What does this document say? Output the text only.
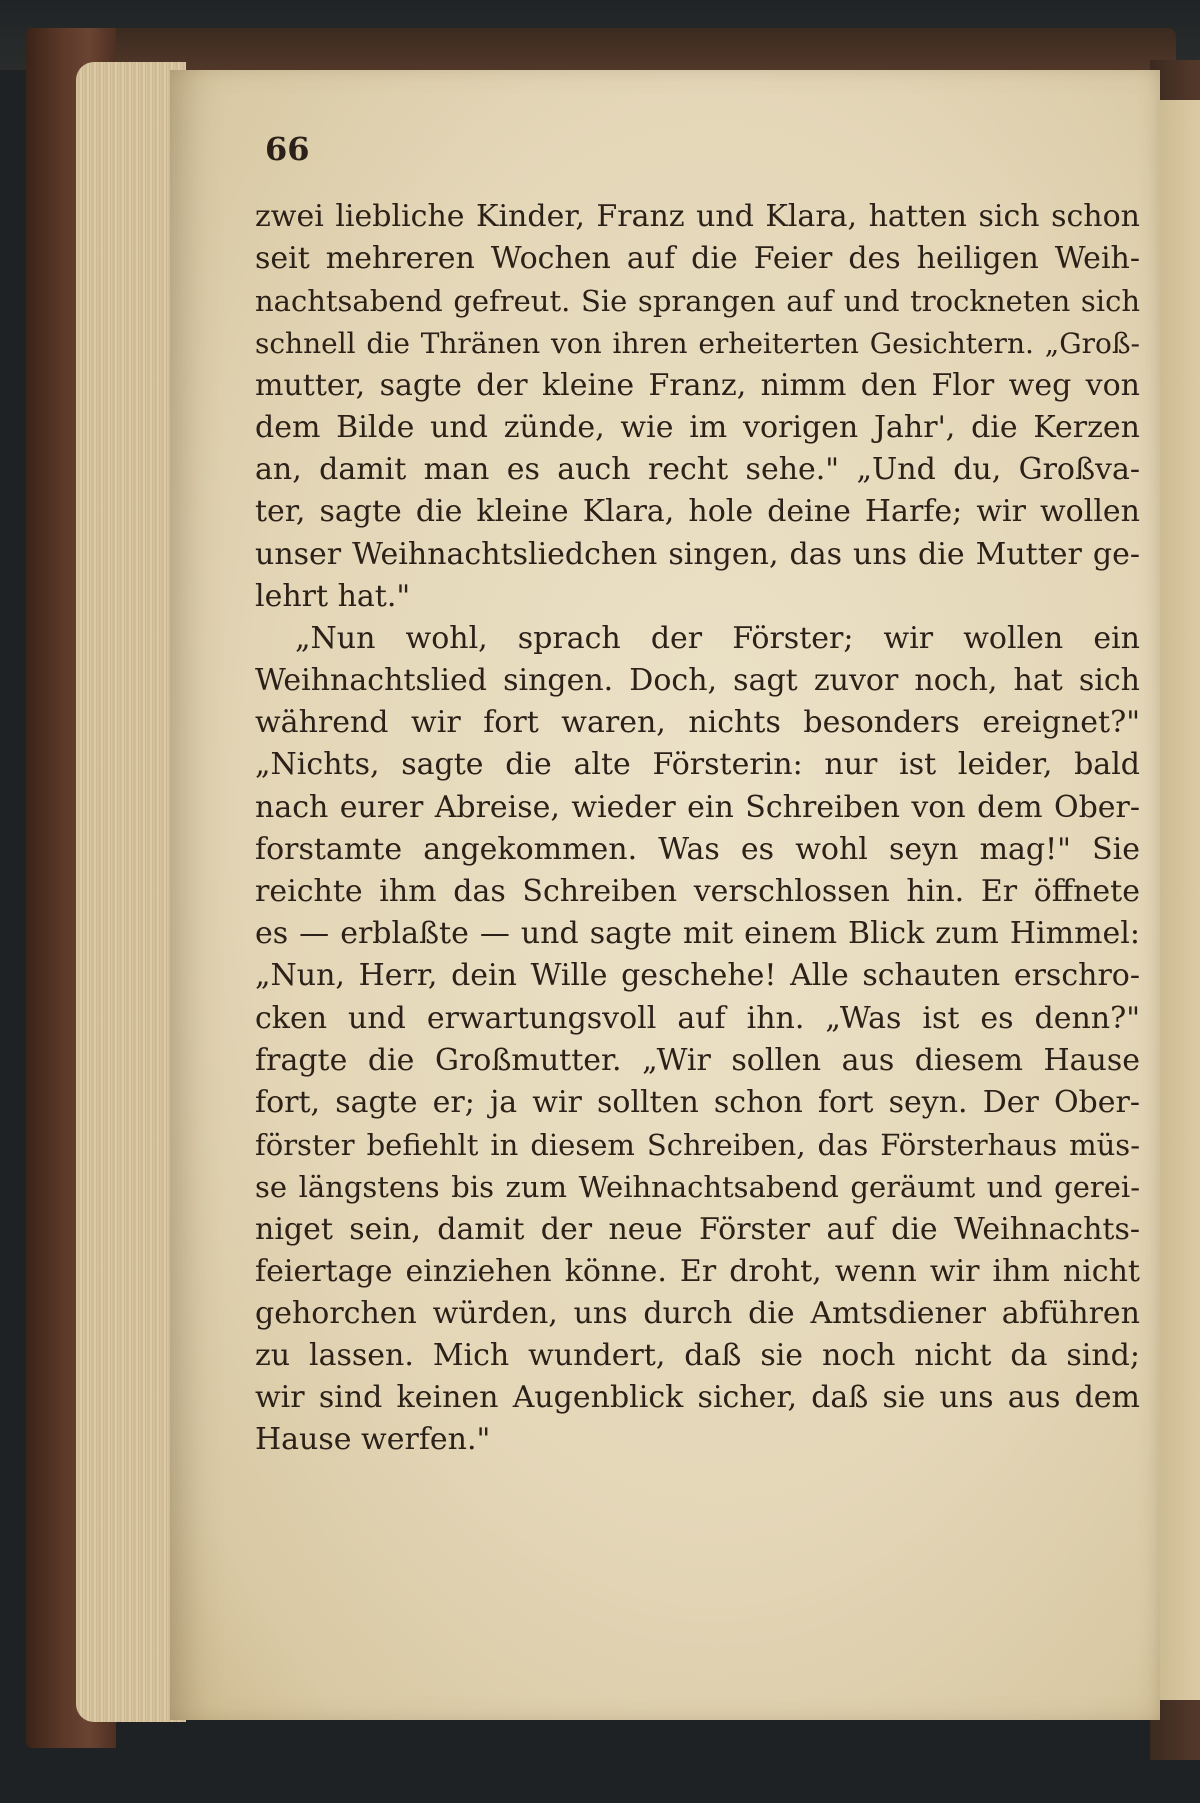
66

zwei liebliche Kinder, Franz und Klara, hatten sich schon
seit mehreren Wochen auf die Feier des heiligen Weih-
nachtsabend gefreut. Sie sprangen auf und trockneten sich
schnell die Thränen von ihren erheiterten Gesichtern. „Groß-
mutter, sagte der kleine Franz, nimm den Flor weg von
dem Bilde und zünde, wie im vorigen Jahr', die Kerzen
an, damit man es auch recht sehe." „Und du, Großva-
ter, sagte die kleine Klara, hole deine Harfe; wir wollen
unser Weihnachtsliedchen singen, das uns die Mutter ge-
lehrt hat."
„Nun wohl, sprach der Förster; wir wollen ein
Weihnachtslied singen. Doch, sagt zuvor noch, hat sich
während wir fort waren, nichts besonders ereignet?"
„Nichts, sagte die alte Försterin: nur ist leider, bald
nach eurer Abreise, wieder ein Schreiben von dem Ober-
forstamte angekommen. Was es wohl seyn mag!" Sie
reichte ihm das Schreiben verschlossen hin. Er öffnete
es — erblaßte — und sagte mit einem Blick zum Himmel:
„Nun, Herr, dein Wille geschehe! Alle schauten erschro-
cken und erwartungsvoll auf ihn. „Was ist es denn?"
fragte die Großmutter. „Wir sollen aus diesem Hause
fort, sagte er; ja wir sollten schon fort seyn. Der Ober-
förster befiehlt in diesem Schreiben, das Försterhaus müs-
se längstens bis zum Weihnachtsabend geräumt und gerei-
niget sein, damit der neue Förster auf die Weihnachts-
feiertage einziehen könne. Er droht, wenn wir ihm nicht
gehorchen würden, uns durch die Amtsdiener abführen
zu lassen. Mich wundert, daß sie noch nicht da sind;
wir sind keinen Augenblick sicher, daß sie uns aus dem
Hause werfen."
